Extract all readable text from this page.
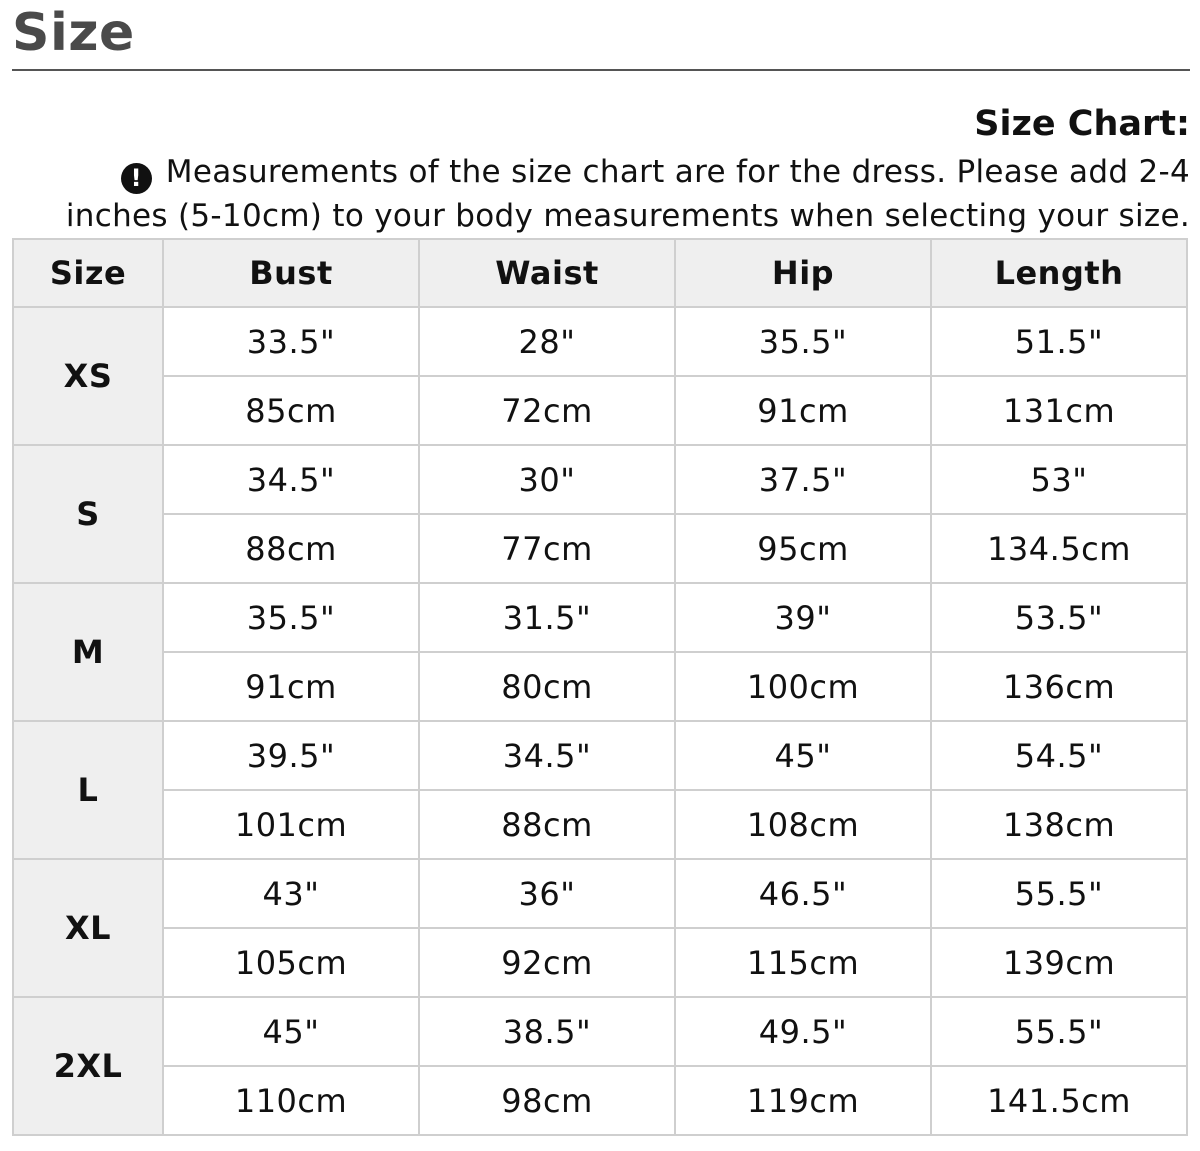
Size
Size Chart:
! Measurements of the size chart are for the dress. Please add 2-4
inches (5-10cm) to your body measurements when selecting your size.
Size	Bust	Waist	Hip	Length
XS	33.5"	28"	35.5"	51.5"
	85cm	72cm	91cm	131cm
S	34.5"	30"	37.5"	53"
	88cm	77cm	95cm	134.5cm
M	35.5"	31.5"	39"	53.5"
	91cm	80cm	100cm	136cm
L	39.5"	34.5"	45"	54.5"
	101cm	88cm	108cm	138cm
XL	43"	36"	46.5"	55.5"
	105cm	92cm	115cm	139cm
2XL	45"	38.5"	49.5"	55.5"
	110cm	98cm	119cm	141.5cm
